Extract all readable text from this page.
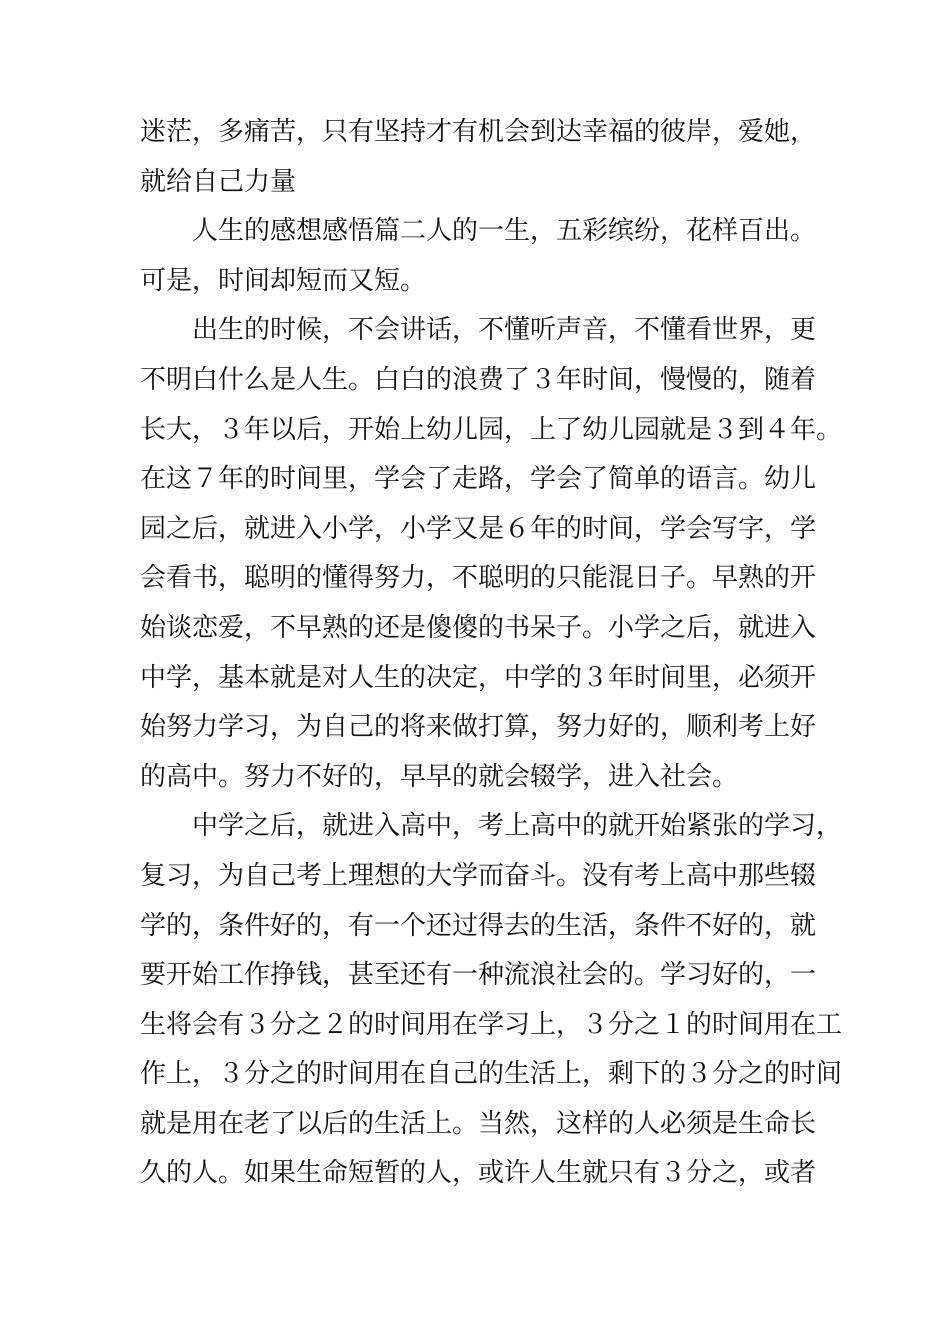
迷茫，多痛苦，只有坚持才有机会到达幸福的彼岸，爱她，
就给自己力量
人生的感想感悟篇二人的一生，五彩缤纷，花样百出。
可是，时间却短而又短。
出生的时候，不会讲话，不懂听声音，不懂看世界，更
不明白什么是人生。白白的浪费了３年时间，慢慢的，随着
长大，３年以后，开始上幼儿园，上了幼儿园就是３到４年。
在这７年的时间里，学会了走路，学会了简单的语言。幼儿
园之后，就进入小学，小学又是６年的时间，学会写字，学
会看书，聪明的懂得努力，不聪明的只能混日子。早熟的开
始谈恋爱，不早熟的还是傻傻的书呆子。小学之后，就进入
中学，基本就是对人生的决定，中学的３年时间里，必须开
始努力学习，为自己的将来做打算，努力好的，顺利考上好
的高中。努力不好的，早早的就会辍学，进入社会。
中学之后，就进入高中，考上高中的就开始紧张的学习，
复习，为自己考上理想的大学而奋斗。没有考上高中那些辍
学的，条件好的，有一个还过得去的生活，条件不好的，就
要开始工作挣钱，甚至还有一种流浪社会的。学习好的，一
生将会有３分之２的时间用在学习上，３分之１的时间用在工
作上，３分之的时间用在自己的生活上，剩下的３分之的时间
就是用在老了以后的生活上。当然，这样的人必须是生命长
久的人。如果生命短暂的人，或许人生就只有３分之，或者
